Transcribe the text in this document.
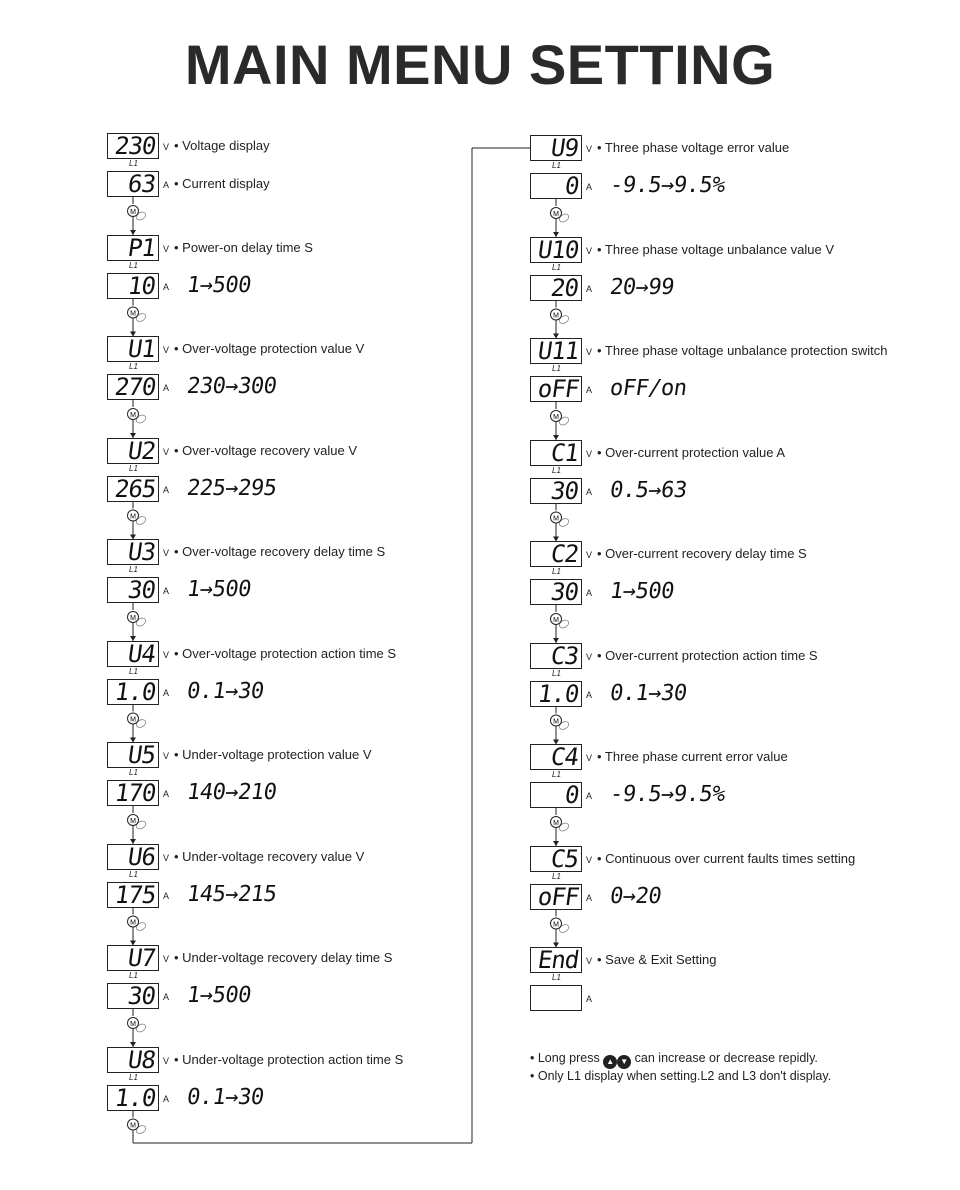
MAIN MENU SETTING
M
M
M
M
M
M
M
M
M
M
M
M
M
M
M
M
M
M
230 V
L1
• Voltage display
63 A • Current display
P1 V
L1
• Power-on delay time S
10 A 1→500
U1 V
L1
• Over-voltage protection value V
270 A 230→300
U2 V
L1
• Over-voltage recovery value V
265 A 225→295
U3 V
L1
• Over-voltage recovery delay time S
30 A 1→500
U4 V
L1
• Over-voltage protection action time S
1.0 A 0.1→30
U5 V
L1
• Under-voltage protection value V
170 A 140→210
U6 V
L1
• Under-voltage recovery value V
175 A 145→215
U7 V
L1
• Under-voltage recovery delay time S
30 A 1→500
U8 V
L1
• Under-voltage protection action time S
1.0 A 0.1→30
U9 V
L1
• Three phase voltage error value
0 A -9.5→9.5%
U10 V
L1
• Three phase voltage unbalance value V
20 A 20→99
U11 V
L1
• Three phase voltage unbalance protection switch
oFF A oFF/on
C1 V
L1
• Over-current protection value A
30 A 0.5→63
C2 V
L1
• Over-current recovery delay time S
30 A 1→500
C3 V
L1
• Over-current protection action time S
1.0 A 0.1→30
C4 V
L1
• Three phase current error value
0 A -9.5→9.5%
C5 V
L1
• Continuous over current faults times setting
oFF A 0→20
End V
L1
• Save & Exit Setting
A
• Long press ▲ ▼ can increase or decrease repidly.
• Only L1 display when setting.L2 and L3 don't display.
